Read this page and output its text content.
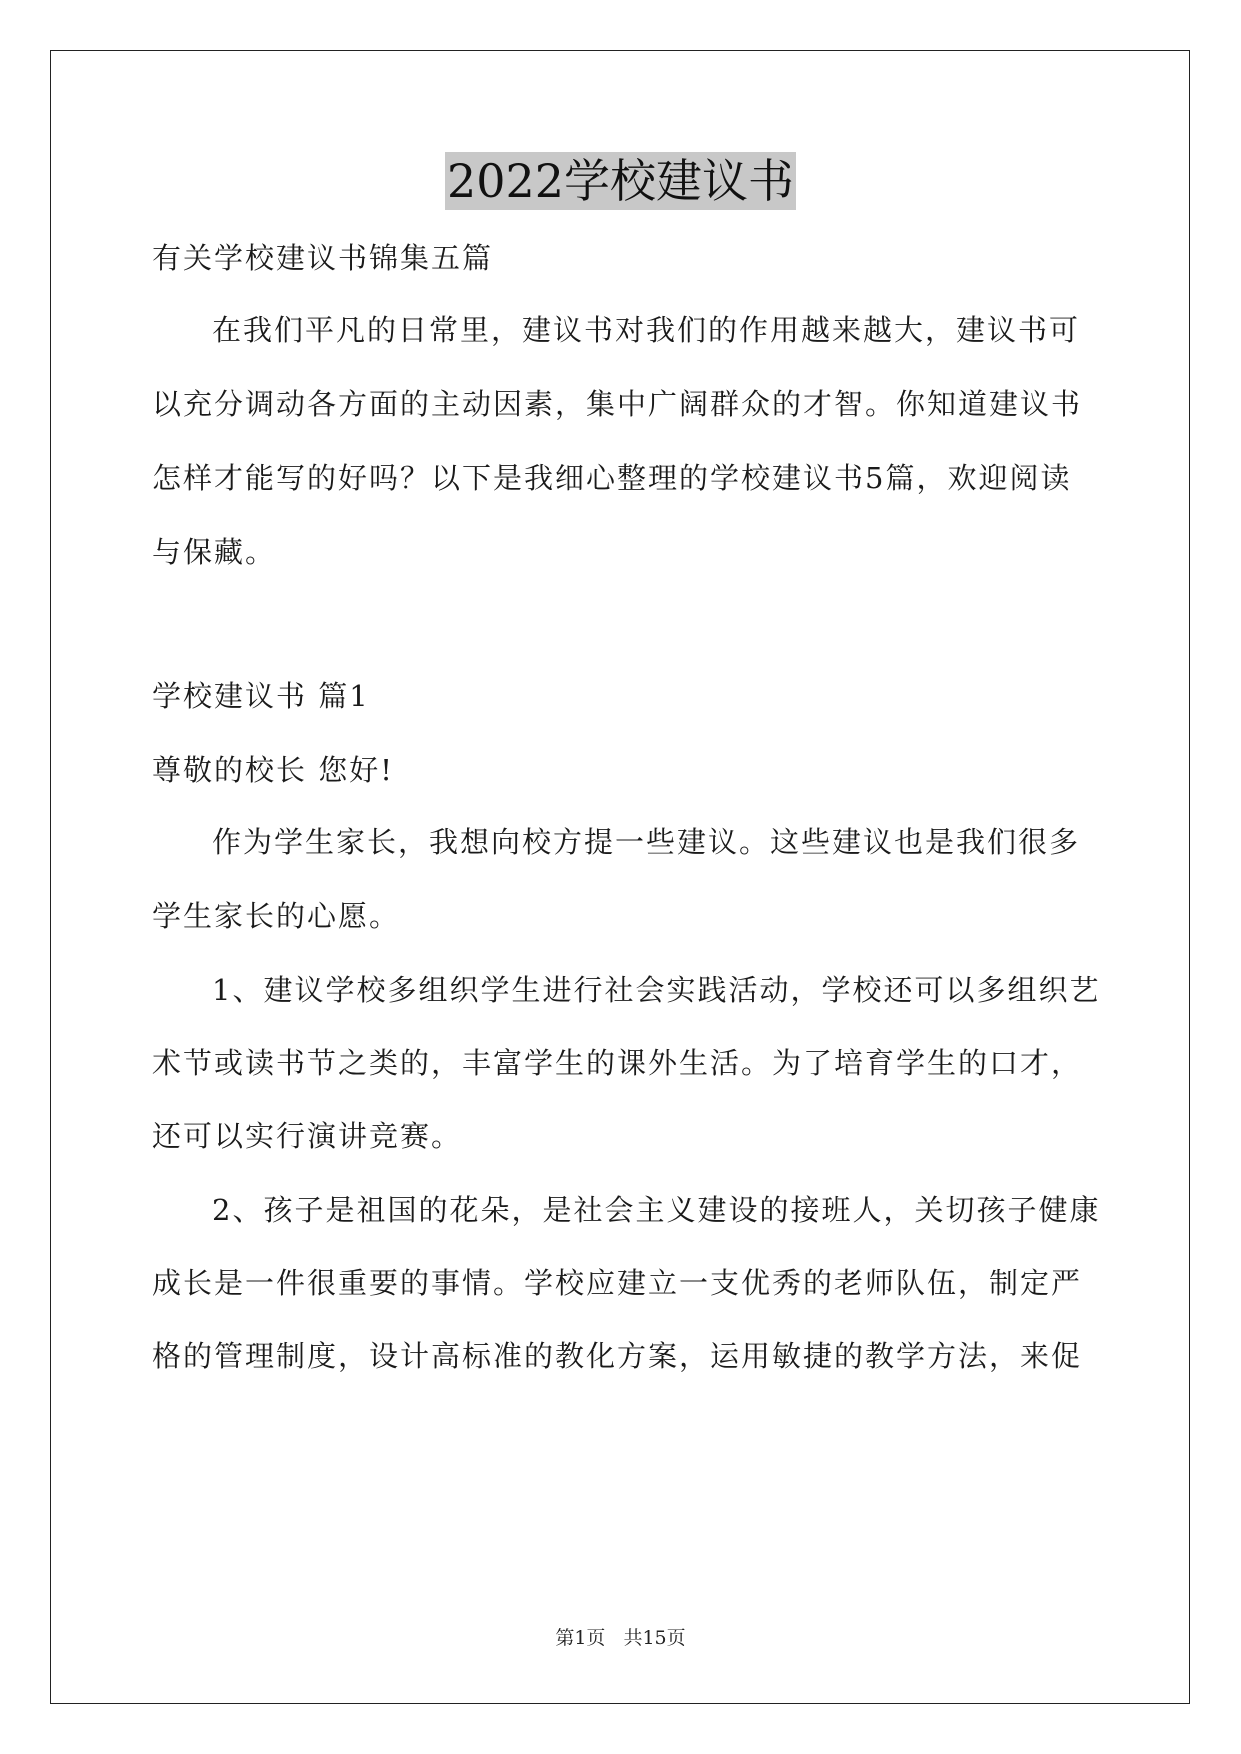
2022学校建议书
有关学校建议书锦集五篇
在我们平凡的日常里，建议书对我们的作用越来越大，建议书可
以充分调动各方面的主动因素，集中广阔群众的才智。你知道建议书
怎样才能写的好吗？以下是我细心整理的学校建议书5篇，欢迎阅读
与保藏。
学校建议书 篇1
尊敬的校长 您好!
作为学生家长，我想向校方提一些建议。这些建议也是我们很多
学生家长的心愿。
1、建议学校多组织学生进行社会实践活动，学校还可以多组织艺
术节或读书节之类的，丰富学生的课外生活。为了培育学生的口才，
还可以实行演讲竞赛。
2、孩子是祖国的花朵，是社会主义建设的接班人，关切孩子健康
成长是一件很重要的事情。学校应建立一支优秀的老师队伍，制定严
格的管理制度，设计高标准的教化方案，运用敏捷的教学方法，来促
第1页 共15页
